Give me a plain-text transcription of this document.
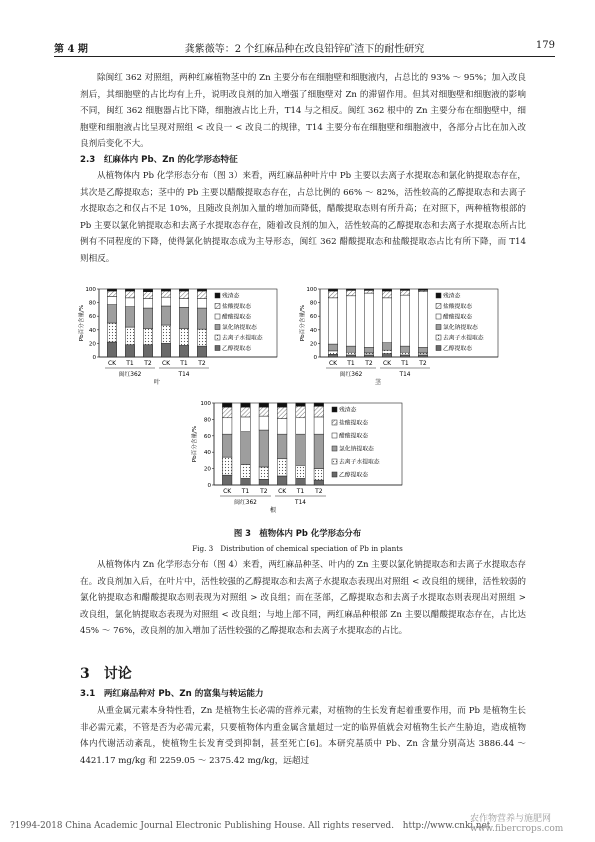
第 4 期	龚紫薇等：2 个红麻品种在改良铅锌矿渣下的耐性研究	179

除闽红 362 对照组，两种红麻植物茎中的 Zn 主要分布在细胞壁和细胞液内，占总比的 93% ～ 95%；加入改良剂后，其细胞壁的占比均有上升，说明改良剂的加入增强了细胞壁对 Zn 的滞留作用。但其对细胞壁和细胞液的影响不同，闽红 362 细胞器占比下降，细胞液占比上升，T14 与之相反。闽红 362 根中的 Zn 主要分布在细胞壁中，细胞壁和细胞液占比呈现对照组 < 改良一 < 改良二的规律，T14 主要分布在细胞壁和细胞液中，各部分占比在加入改良剂后变化不大。

2.3　红麻体内 Pb、Zn 的化学形态特征

从植物体内 Pb 化学形态分布（图 3）来看，两红麻品种叶片中 Pb 主要以去离子水提取态和氯化钠提取态存在，其次是乙醇提取态；茎中的 Pb 主要以醋酸提取态存在，占总比例的 66% ～ 82%，活性较高的乙醇提取态和去离子水提取态之和仅占不足 10%，且随改良剂加入量的增加而降低，醋酸提取态则有所升高；在对照下，两种植物根部的 Pb 主要以氯化钠提取态和去离子水提取态存在，随着改良剂的加入，活性较高的乙醇提取态和去离子水提取态所占比例有不同程度的下降，使得氯化钠提取态成为主导形态，闽红 362 醋酸提取态和盐酸提取态占比有所下降，而 T14 则相反。

Pb百分含量/%
0
20
40
60
80
100
CK T1 T2 CK T1 T2
闽红362	T14
叶
残渣态
盐酸提取态
醋酸提取态
氯化钠提取态
去离子水提取态
乙醇提取态
Pb百分含量/%
0
20
40
60
80
100
CK T1 T2 CK T1 T2
闽红362	T14
茎
残渣态
盐酸提取态
醋酸提取态
氯化钠提取态
去离子水提取态
乙醇提取态
Pb百分含量/%
0
20
40
60
80
100
CK T1 T2 CK T1 T2
闽红362	T14
根
残渣态
盐酸提取态
醋酸提取态
氯化钠提取态
去离子水提取态
乙醇提取态
图 3　植物体内 Pb 化学形态分布
Fig. 3　Distribution of chemical speciation of Pb in plants

从植物体内 Zn 化学形态分布（图 4）来看，两红麻品种茎、叶内的 Zn 主要以氯化钠提取态和去离子水提取态存在。改良剂加入后，在叶片中，活性较强的乙醇提取态和去离子水提取态表现出对照组 < 改良组的规律，活性较弱的氯化钠提取态和醋酸提取态则表现为对照组 > 改良组；而在茎部，乙醇提取态和去离子水提取态则表现出对照组 > 改良组，氯化钠提取态表现为对照组 < 改良组；与地上部不同，两红麻品种根部 Zn 主要以醋酸提取态存在，占比达 45% ～ 76%，改良剂的加入增加了活性较强的乙醇提取态和去离子水提取态的占比。

3　讨论
3.1　两红麻品种对 Pb、Zn 的富集与转运能力

从重金属元素本身特性看，Zn 是植物生长必需的营养元素，对植物的生长发育起着重要作用，而 Pb 是植物生长非必需元素，不管是否为必需元素，只要植物体内重金属含量超过一定的临界值就会对植物生长产生胁迫，造成植物体内代谢活动紊乱，使植物生长发育受到抑制，甚至死亡[6]。本研究基质中 Pb、Zn 含量分别高达 3886.44 ～ 4421.17 mg/kg 和 2259.05 ～ 2375.42 mg/kg，远超过

?1994-2018 China Academic Journal Electronic Publishing House. All rights reserved.　http://www.cnki.net
农作物营养与施肥网 www.fibercrops.com
